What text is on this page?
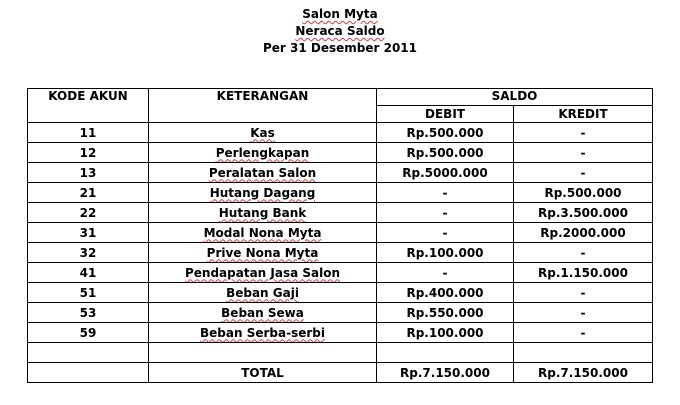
Salon Myta
Neraca Saldo
Per 31 Desember 2011
KODE AKUN	KETERANGAN	SALDO	
		DEBIT	KREDIT
11	Kas	Rp.500.000	-
12	Perlengkapan	Rp.500.000	-
13	Peralatan Salon	Rp.5000.000	-
21	Hutang Dagang	-	Rp.500.000
22	Hutang Bank	-	Rp.3.500.000
31	Modal Nona Myta	-	Rp.2000.000
32	Prive Nona Myta	Rp.100.000	-
41	Pendapatan Jasa Salon	-	Rp.1.150.000
51	Beban Gaji	Rp.400.000	-
53	Beban Sewa	Rp.550.000	-
59	Beban Serba-serbi	Rp.100.000	-

	TOTAL	Rp.7.150.000	Rp.7.150.000
